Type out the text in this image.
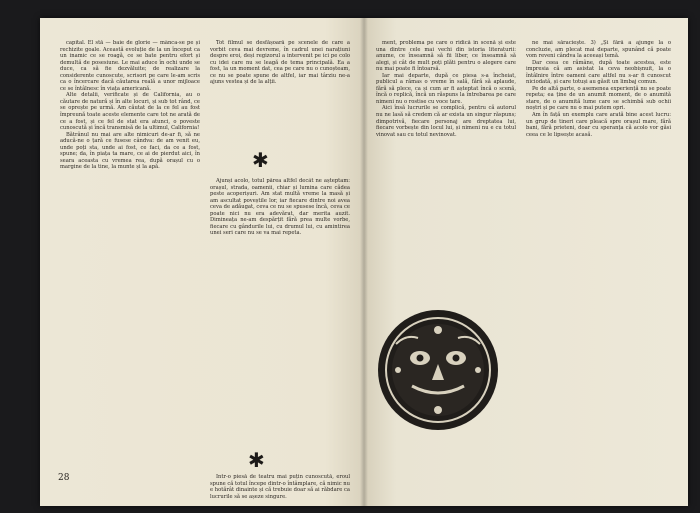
capital. El stă — baie de glorie — mânca-se pe și rechizite goale. Această evoluție de la un început ca un inamic ce se roagă, ce se bate pentru efort și demultă de posesiune. Le mai aduce în ochi unde se duce, ca să fie dezvăluite; de realizare la considerente cunoscute, scrisori pe care le-am scris ca o încercare dacă căutarea reală a unor mijloace ce se întâlnesc în viața americană.

Alte detalii, verificate și de California, au o căutare de natură și în alte locuri, și sub tot rând, ce se oprește pe urmă. Am căutat de la ce fel au fost împreună toate aceste elemente care tot ne arată de ce a fost, și ce fel de stat era atunci, o poveste cunoscută și încă transmisă de la ultimul, California!

Bătrânul nu mai are alte nimicuri de-ar fi, să ne aducă-ne o țară ce fusese cândva: de am venit eu, unde poți sta, unde ai fost, ce faci, da ce a fost, spune; da, în piața ta mare, ce ai de pierdut aici, în seara aceasta cu vremea rea, după orașul cu o margine de la tine, la munte și la apă.

Tot filmul se desfășoară pe scenele de care a vorbit ceva mai devreme, în cadrul unei narațiuni despre eroi, deși regizorul a intervenit pe ici pe colo cu idei care nu se leagă de tema principală. Ea a fost, la un moment dat, cea pe care nu o cunoșteam, ce nu se poate spune de altfel, iar mai târziu ne-a ajuns vestea și de la alții.

✱

Ajunși acolo, totul părea altfel decât ne așteptam: orașul, strada, oamenii, chiar și lumina care cădea peste acoperișuri. Am stat multă vreme la masă și am ascultat poveștile lor, iar fiecare dintre noi avea ceva de adăugat, ceva ce nu se spusese încă, ceva ce poate nici nu era adevărat, dar merita auzit. Dimineața ne-am despărțit fără prea multe vorbe, fiecare cu gândurile lui, cu drumul lui, cu amintirea unei seri care nu se va mai repeta.

✱

Intr-o piesă de teatru mai puțin cunoscută, eroul spune că totul începe dintr-o întâmplare, că nimic nu e hotărât dinainte și că trebuie doar să ai răbdare ca lucrurile să se așeze singure.

28

ment, problema pe care o ridică în scenă și este una dintre cele mai vechi din istoria literaturii: anume, ce înseamnă să fii liber, ce înseamnă să alegi, și cât de mult poți plăti pentru o alegere care nu mai poate fi întoarsă.

Iar mai departe, după ce piesa s-a încheiat, publicul a rămas o vreme în sală, fără să aplaude, fără să plece, ca și cum ar fi așteptat încă o scenă, încă o replică, încă un răspuns la întrebarea pe care nimeni nu o rostise cu voce tare.

Aici însă lucrurile se complică, pentru că autorul nu ne lasă să credem că ar exista un singur răspuns; dimpotrivă, fiecare personaj are dreptatea lui, fiecare vorbește din locul lui, și nimeni nu e cu totul vinovat sau cu totul nevinovat.

ne mai săraciește. 3) „Și fără a ajunge la o concluzie, am plecat mai departe, spunând că poate vom reveni cândva la aceeași temă.

Dar ceea ce rămâne, după toate acestea, este impresia că am asistat la ceva neobișnuit, la o întâlnire între oameni care altfel nu s-ar fi cunoscut niciodată, și care totuși au găsit un limbaj comun.

Pe de altă parte, o asemenea experiență nu se poate repeta; ea ține de un anumit moment, de o anumită stare, de o anumită lume care se schimbă sub ochii noștri și pe care nu o mai putem opri.

Am în față un exemplu care arată bine acest lucru: un grup de tineri care pleacă spre orașul mare, fără bani, fără prieteni, doar cu speranța că acolo vor găsi ceea ce le lipsește acasă.
